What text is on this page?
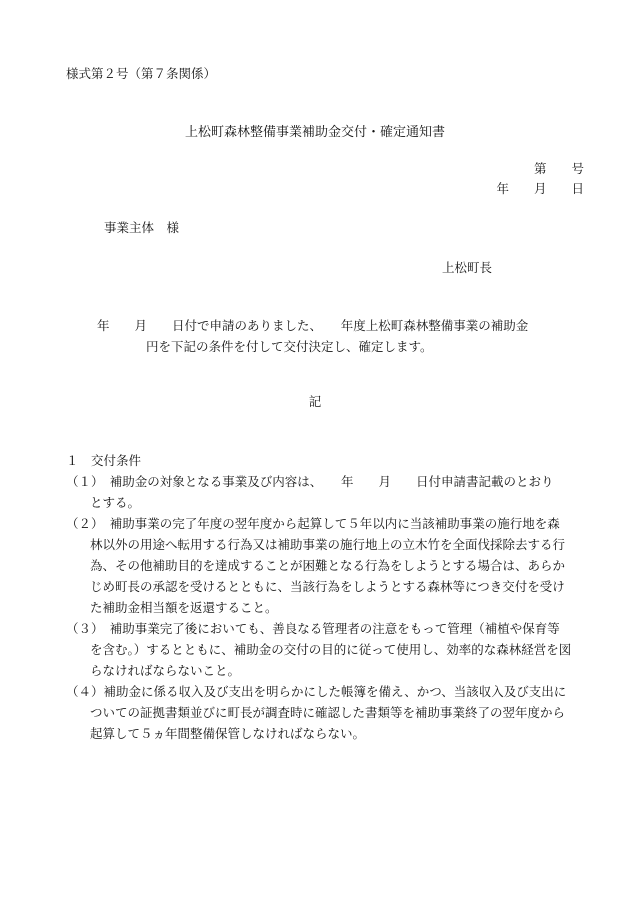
様式第２号（第７条関係）
上松町森林整備事業補助金交付・確定通知書
第　　号
年　　月　　日
事業主体　様
上松町長
年　　月　　日付で申請のありました、　　年度上松町森林整備事業の補助金
円を下記の条件を付して交付決定し、確定します。
記
１　交付条件
（１）　補助金の対象となる事業及び内容は、　　年　　月　　日付申請書記載のとおり
とする。
（２）　補助事業の完了年度の翌年度から起算して５年以内に当該補助事業の施行地を森
林以外の用途へ転用する行為又は補助事業の施行地上の立木竹を全面伐採除去する行
為、その他補助目的を達成することが困難となる行為をしようとする場合は、あらか
じめ町長の承認を受けるとともに、当該行為をしようとする森林等につき交付を受け
た補助金相当額を返還すること。
（３）　補助事業完了後においても、善良なる管理者の注意をもって管理（補植や保育等
を含む。）するとともに、補助金の交付の目的に従って使用し、効率的な森林経営を図
らなければならないこと。
（４）補助金に係る収入及び支出を明らかにした帳簿を備え、かつ、当該収入及び支出に
ついての証拠書類並びに町長が調査時に確認した書類等を補助事業終了の翌年度から
起算して５ヵ年間整備保管しなければならない。
